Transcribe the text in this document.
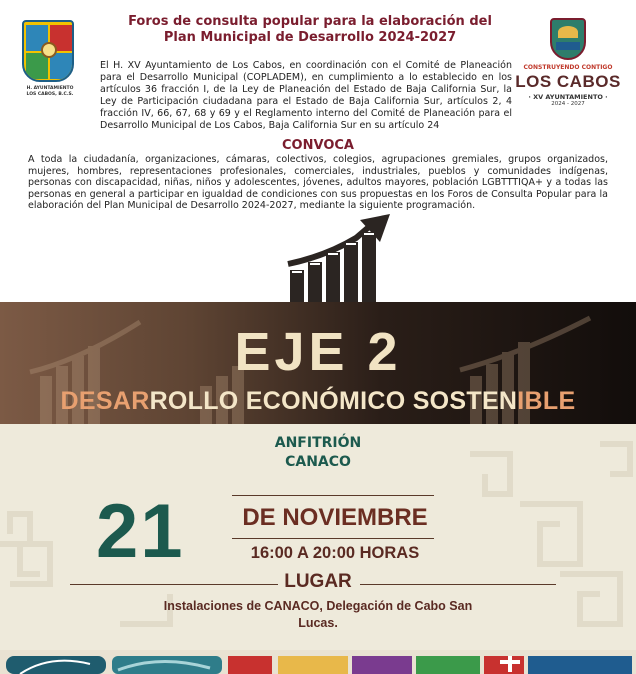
H. AYUNTAMIENTO
LOS CABOS, B.C.S.
Foros de consulta popular para la elaboración del
Plan Municipal de Desarrollo 2024-2027
El H. XV Ayuntamiento de Los Cabos, en coordinación con el Comité de Planeación para el Desarrollo Municipal (COPLADEM), en cumplimiento a lo establecido en los artículos 36 fracción I, de la Ley de Planeación del Estado de Baja California Sur, la Ley de Participación ciudadana para el Estado de Baja California Sur, artículos 2, 4 fracción IV, 66, 67, 68 y 69 y el Reglamento interno del Comité de Planeación para el Desarrollo Municipal de Los Cabos, Baja California Sur en su artículo 24
CONSTRUYENDO CONTIGO
LOS CABOS
· XV AYUNTAMIENTO ·
2024 - 2027
CONVOCA
A toda la ciudadanía, organizaciones, cámaras, colectivos, colegios, agrupaciones gremiales, grupos organizados, mujeres, hombres, representaciones profesionales, comerciales, industriales, pueblos y comunidades indígenas, personas con discapacidad, niñas, niños y adolescentes, jóvenes, adultos mayores, población LGBTTTIQA+ y a todas las personas en general a participar en igualdad de condiciones con sus propuestas en los Foros de Consulta Popular para la elaboración del Plan Municipal de Desarrollo 2024-2027, mediante la siguiente programación.
EJE 2
DESARROLLO ECONÓMICO SOSTENIBLE
ANFITRIÓN
CANACO
21	DE NOVIEMBRE
16:00 A 20:00 HORAS
LUGAR
Instalaciones de CANACO, Delegación de Cabo San Lucas.
